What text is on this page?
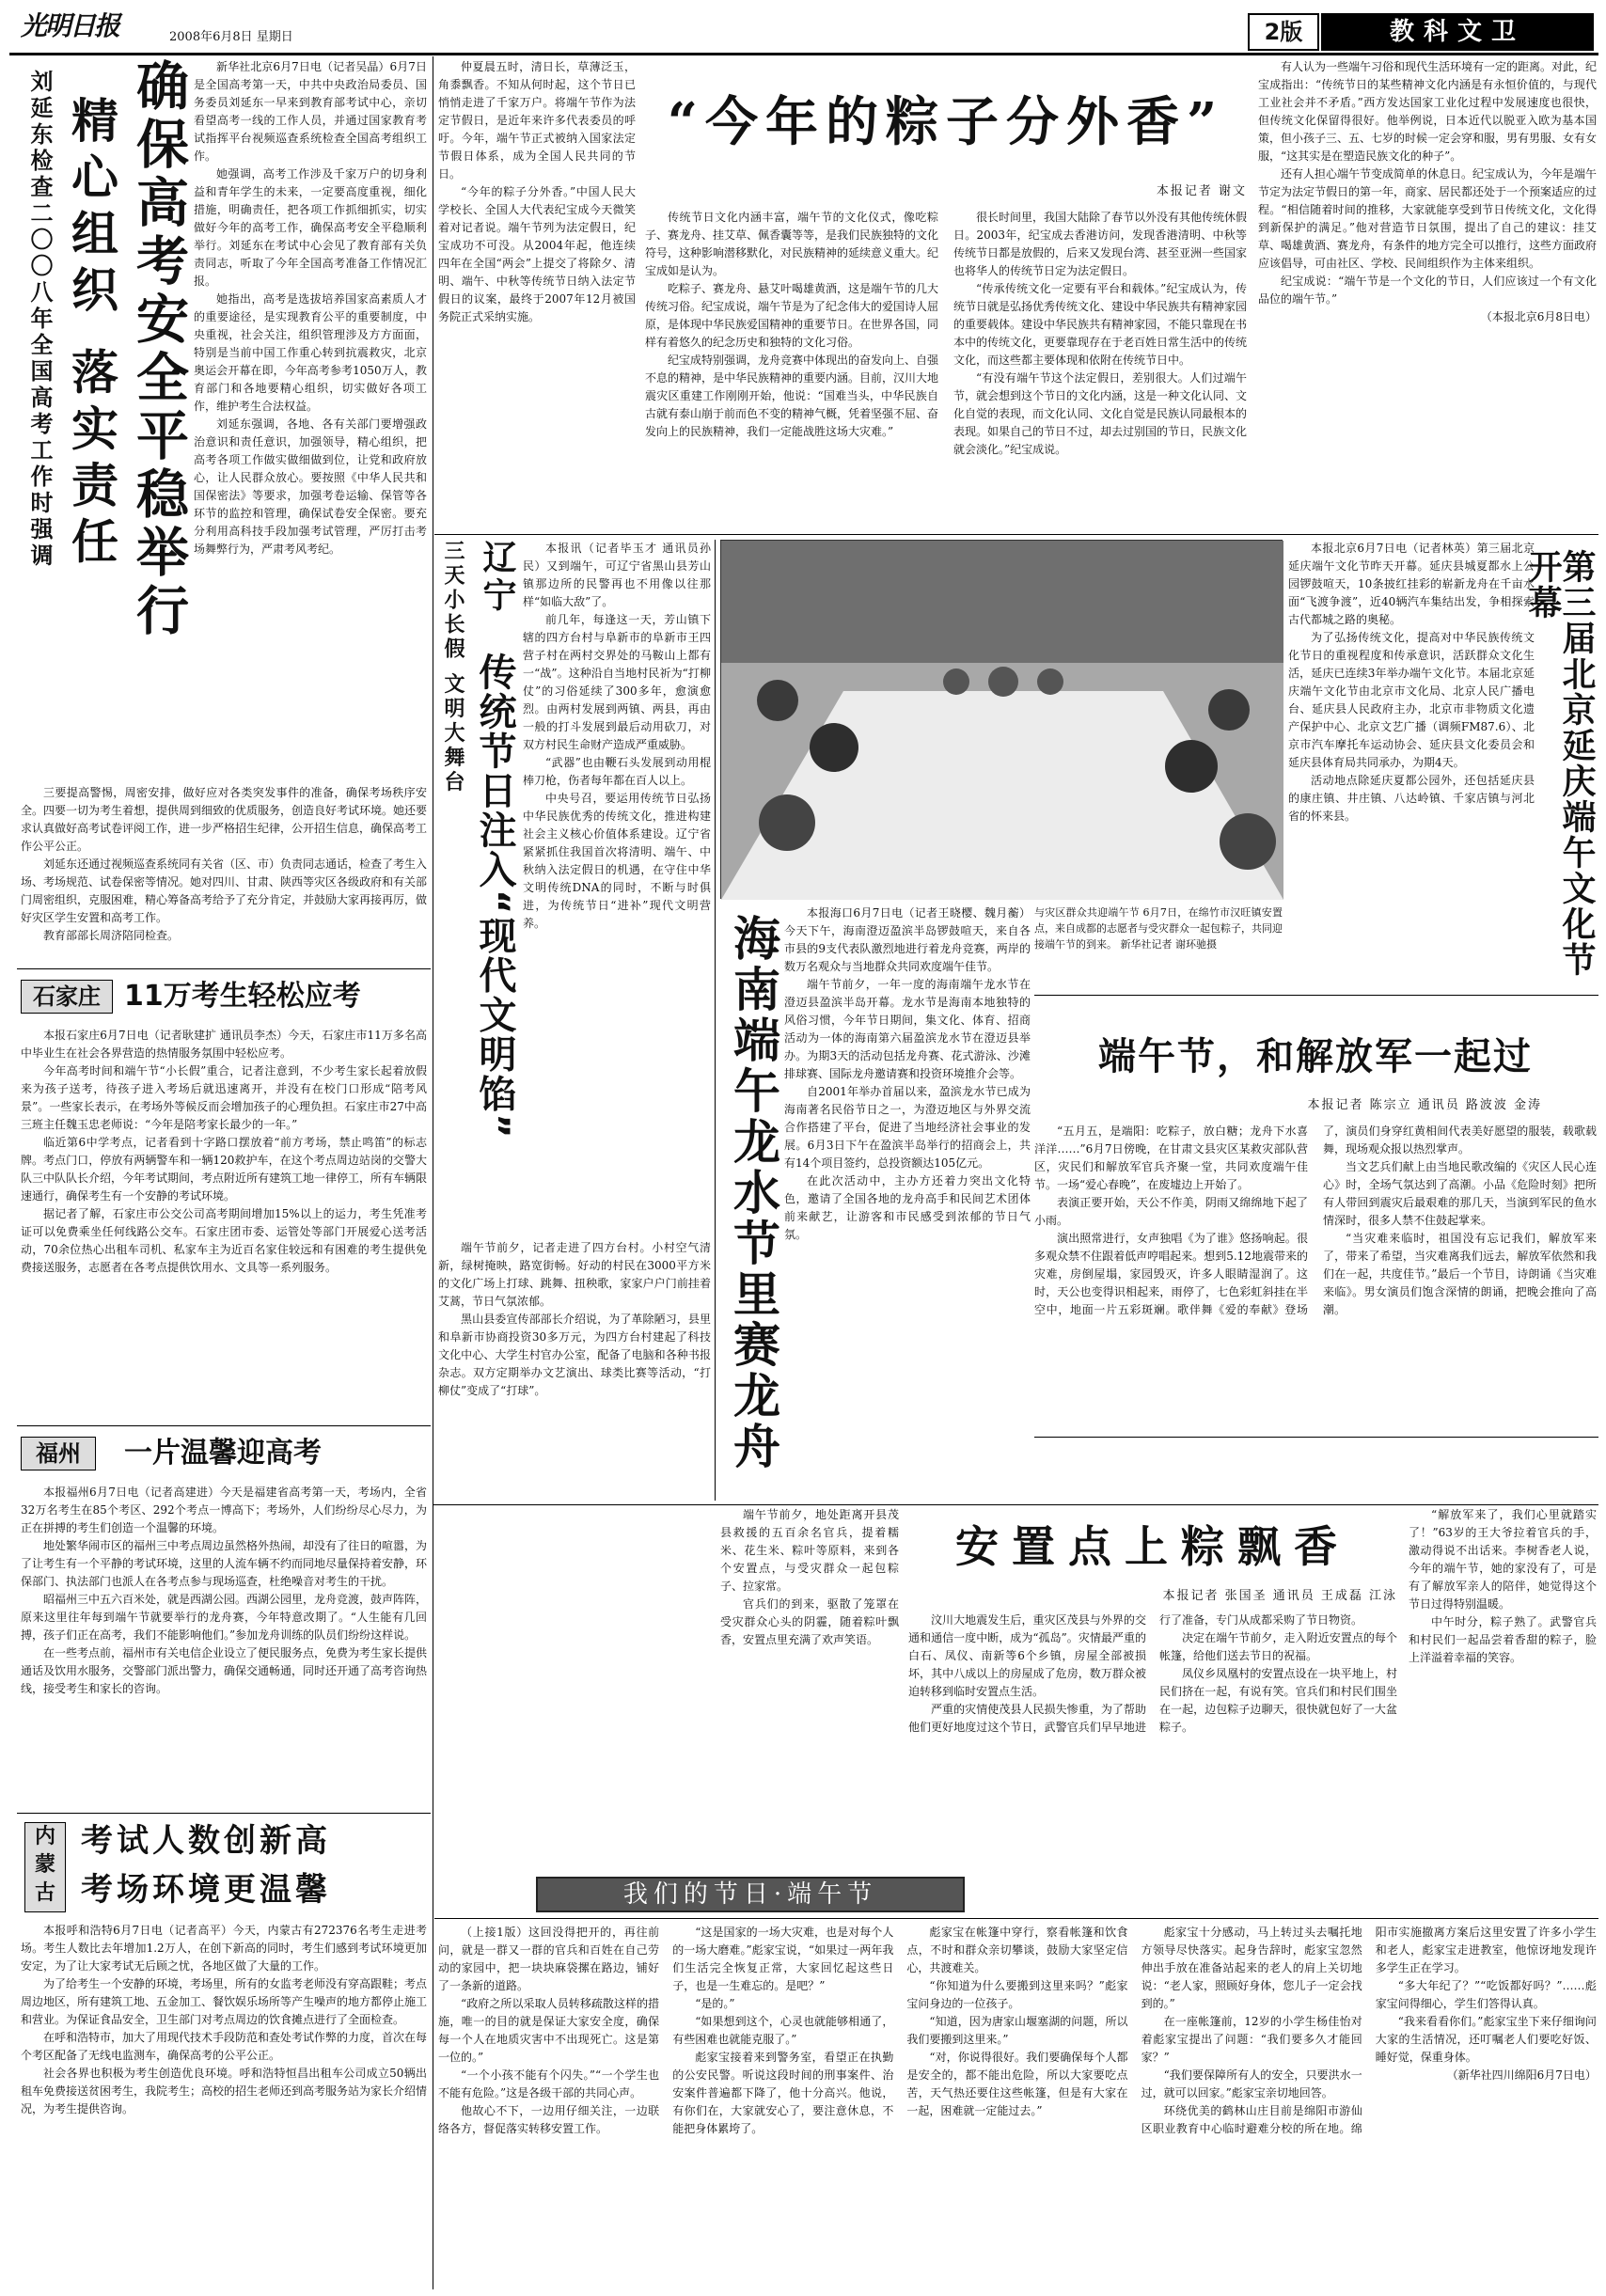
光明日报	2008年6月8日 星期日	2版	教科文卫
刘延东检查二〇〇八年全国高考工作时强调 精心组织 落实责任 确保高考安全平稳举行	新华社北京6月7日电（记者吴晶）6月7日是全国高考第一天，中共中央政治局委员、国务委员刘延东一早来到教育部考试中心，亲切看望高考一线的工作人员，并通过国家教育考试指挥平台视频巡查系统检查全国高考组织工作。

她强调，高考工作涉及千家万户的切身利益和青年学生的未来，一定要高度重视，细化措施，明确责任，把各项工作抓细抓实，切实做好今年的高考工作，确保高考安全平稳顺利举行。刘延东在考试中心会见了教育部有关负责同志，听取了今年全国高考准备工作情况汇报。

她指出，高考是选拔培养国家高素质人才的重要途径，是实现教育公平的重要制度，中央重视，社会关注，组织管理涉及方方面面，特别是当前中国工作重心转到抗震救灾，北京奥运会开幕在即，今年高考参考1050万人，教育部门和各地要精心组织，切实做好各项工作，维护考生合法权益。

刘延东强调，各地、各有关部门要增强政治意识和责任意识，加强领导，精心组织，把高考各项工作做实做细做到位，让党和政府放心，让人民群众放心。要按照《中华人民共和国保密法》等要求，加强考卷运输、保管等各环节的监控和管理，确保试卷安全保密。要充分利用高科技手段加强考试管理，严厉打击考场舞弊行为，严肃考风考纪。

三要提高警惕，周密安排，做好应对各类突发事件的准备，确保考场秩序安全。四要一切为考生着想，提供周到细致的优质服务，创造良好考试环境。她还要求认真做好高考试卷评阅工作，进一步严格招生纪律，公开招生信息，确保高考工作公平公正。

刘延东还通过视频巡查系统同有关省（区、市）负责同志通话，检查了考生入场、考场规范、试卷保密等情况。她对四川、甘肃、陕西等灾区各级政府和有关部门周密组织，克服困难，精心筹备高考给予了充分肯定，并鼓励大家再接再厉，做好灾区学生安置和高考工作。

教育部部长周济陪同检查。

石家庄 11万考生轻松应考

本报石家庄6月7日电（记者耿建扩 通讯员李杰）今天，石家庄市11万多名高中毕业生在社会各界营造的热情服务氛围中轻松应考。

今年高考时间和端午节“小长假”重合，记者注意到，不少考生家长起着放假来为孩子送考，待孩子进入考场后就迅速离开，并没有在校门口形成“陪考风景”。一些家长表示，在考场外等候反而会增加孩子的心理负担。石家庄市27中高三班主任魏玉忠老师说：“今年是陪考家长最少的一年。”

临近第6中学考点，记者看到十字路口摆放着“前方考场，禁止鸣笛”的标志牌。考点门口，停放有两辆警车和一辆120救护车，在这个考点周边站岗的交警大队三中队队长介绍，今年考试期间，考点附近所有建筑工地一律停工，所有车辆限速通行，确保考生有一个安静的考试环境。

据记者了解，石家庄市公交公司高考期间增加15%以上的运力，考生凭准考证可以免费乘坐任何线路公交车。石家庄团市委、运管处等部门开展爱心送考活动，70余位热心出租车司机、私家车主为近百名家住较远和有困难的考生提供免费接送服务，志愿者在各考点提供饮用水、文具等一系列服务。

福州	一片温馨迎高考

本报福州6月7日电（记者高建进）今天是福建省高考第一天，考场内，全省32万名考生在85个考区、292个考点一博高下；考场外，人们纷纷尽心尽力，为正在拼搏的考生们创造一个温馨的环境。

地处繁华闹市区的福州三中考点周边虽然格外热闹，却没有了往日的喧嚣，为了让考生有一个平静的考试环境，这里的人流车辆不约而同地尽量保持着安静，环保部门、执法部门也派人在各考点参与现场巡查，杜绝噪音对考生的干扰。

昭福州三中五六百米处，就是西湖公园。西湖公园里，龙舟竞渡，鼓声阵阵，原来这里往年每到端午节就要举行的龙舟赛，今年特意改期了。“人生能有几回搏，孩子们正在高考，我们不能影响他们。”参加龙舟训练的队员们纷纷这样说。

在一些考点前，福州市有关电信企业设立了便民服务点，免费为考生家长提供通话及饮用水服务，交警部门派出警力，确保交通畅通，同时还开通了高考咨询热线，接受考生和家长的咨询。

内
蒙
古
考试人数创新高
考场环境更温馨

本报呼和浩特6月7日电（记者高平）今天，内蒙古有272376名考生走进考场。考生人数比去年增加1.2万人，在创下新高的同时，考生们感到考试环境更加安定，为了让大家考试无后顾之忧，各地区做了大量的工作。

为了给考生一个安静的环境，考场里，所有的女监考老师没有穿高跟鞋；考点周边地区，所有建筑工地、五金加工、餐饮娱乐场所等产生噪声的地方都停止施工和营业。为保证食品安全，卫生部门对考点周边的饮食摊点进行了全面检查。

在呼和浩特市，加大了用现代技术手段防范和查处考试作弊的力度，首次在每个考区配备了无线电监测车，确保高考的公平公正。

社会各界也积极为考生创造优良环境。呼和浩特恒昌出租车公司成立50辆出租车免费接送贫困考生，我院考生；高校的招生老师还到高考服务站为家长介绍情况，为考生提供咨询。

仲夏晨五时，清日长，草薄泛玉，角黍飘香。不知从何时起，这个节日已悄悄走进了千家万户。将端午节作为法定节假日，是近年来许多代表委员的呼吁。今年，端午节正式被纳入国家法定节假日体系，成为全国人民共同的节日。

“今年的粽子分外香。”中国人民大学校长、全国人大代表纪宝成今天微笑着对记者说。端午节列为法定假日，纪宝成功不可没。从2004年起，他连续四年在全国“两会”上提交了将除夕、清明、端午、中秋等传统节日纳入法定节假日的议案，最终于2007年12月被国务院正式采纳实施。

“今年的粽子分外香”
本报记者 谢文

传统节日文化内涵丰富，端午节的文化仪式，像吃粽子、赛龙舟、挂艾草、佩香囊等等，是我们民族独特的文化符号，这种影响潜移默化，对民族精神的延续意义重大。纪宝成如是认为。

吃粽子、赛龙舟、悬艾叶喝雄黄酒，这是端午节的几大传统习俗。纪宝成说，端午节是为了纪念伟大的爱国诗人屈原，是体现中华民族爱国精神的重要节日。在世界各国，同样有着悠久的纪念历史和独特的文化习俗。

纪宝成特别强调，龙舟竞赛中体现出的奋发向上、自强不息的精神，是中华民族精神的重要内涵。目前，汉川大地震灾区重建工作刚刚开始，他说：“国难当头，中华民族自古就有泰山崩于前而色不变的精神气概，凭着坚强不屈、奋发向上的民族精神，我们一定能战胜这场大灾难。”

很长时间里，我国大陆除了春节以外没有其他传统休假日。2003年，纪宝成去香港访问，发现香港清明、中秋等传统节日都是放假的，后来又发现台湾、甚至亚洲一些国家也将华人的传统节日定为法定假日。

“传承传统文化一定要有平台和载体。”纪宝成认为，传统节日就是弘扬优秀传统文化、建设中华民族共有精神家园的重要载体。建设中华民族共有精神家园，不能只靠现在书本中的传统文化，更要靠现存在于老百姓日常生活中的传统文化，而这些都主要体现和依附在传统节日中。

“有没有端午节这个法定假日，差别很大。人们过端午节，就会想到这个节日的文化内涵，这是一种文化认同、文化自觉的表现，而文化认同、文化自觉是民族认同最根本的表现。如果自己的节日不过，却去过别国的节日，民族文化就会淡化。”纪宝成说。

有人认为一些端午习俗和现代生活环境有一定的距离。对此，纪宝成指出：“传统节日的某些精神文化内涵是有永恒价值的，与现代工业社会并不矛盾。”西方发达国家工业化过程中发展速度也很快，但传统文化保留得很好。他举例说，日本近代以脱亚入欧为基本国策，但小孩子三、五、七岁的时候一定会穿和服，男有男服、女有女服，“这其实是在塑造民族文化的种子”。

还有人担心端午节变成简单的休息日。纪宝成认为，今年是端午节定为法定节假日的第一年，商家、居民都还处于一个预案适应的过程。“相信随着时间的推移，大家就能享受到节日传统文化，文化得到新保护的满足。”他对营造节日氛围，提出了自己的建议：挂艾草、喝雄黄酒、赛龙舟，有条件的地方完全可以推行，这些方面政府应该倡导，可由社区、学校、民间组织作为主体来组织。

纪宝成说：“端午节是一个文化的节日，人们应该过一个有文化品位的端午节。”

（本报北京6月8日电）

三天小长假 文明大舞台 辽宁
传统节日注入“现代文明馅”

本报讯（记者毕玉才 通讯员孙民）又到端午，可辽宁省黑山县芳山镇那边所的民警再也不用像以往那样“如临大敌”了。

前几年，每逢这一天，芳山镇下辖的四方台村与阜新市的阜新市王四营子村在两村交界处的马鞍山上都有一“战”。这种沿自当地村民祈为“打柳仗”的习俗延续了300多年，愈演愈烈。由两村发展到两镇、两县，再由一般的打斗发展到最后动用砍刀，对双方村民生命财产造成严重威胁。

“武器”也由鞭石头发展到动用棍棒刀枪，伤者每年都在百人以上。

中央号召，要运用传统节日弘扬中华民族优秀的传统文化，推进构建社会主义核心价值体系建设。辽宁省紧紧抓住我国首次将清明、端午、中秋纳入法定假日的机遇，在守住中华文明传统DNA的同时，不断与时俱进，为传统节日“进补”现代文明营养。

端午节前夕，记者走进了四方台村。小村空气清新，绿树掩映，路宽街畅。好动的村民在3000平方米的文化广场上打球、跳舞、扭秧歌，家家户户门前挂着艾蒿，节日气氛浓郁。

黑山县委宣传部部长介绍说，为了革除陋习，县里和阜新市协商投资30多万元，为四方台村建起了科技文化中心、大学生村官办公室，配备了电脑和各种书报杂志。双方定期举办文艺演出、球类比赛等活动，“打柳仗”变成了“打球”。

与灾区群众共迎端午节 6月7日，在绵竹市汉旺镇安置点，来自成都的志愿者与受灾群众一起包粽子，共同迎接端午节的到来。 新华社记者 谢环驰摄

海南端午龙水节里赛龙舟

本报海口6月7日电（记者王晓樱、魏月蘅）今天下午，海南澄迈盈滨半岛锣鼓喧天，来自各市县的9支代表队激烈地进行着龙舟竞赛，两岸的数万名观众与当地群众共同欢度端午佳节。

端午节前夕，一年一度的海南端午龙水节在澄迈县盈滨半岛开幕。龙水节是海南本地独特的风俗习惯，今年节日期间，集文化、体育、招商活动为一体的海南第六届盈滨龙水节在澄迈县举办。为期3天的活动包括龙舟赛、花式游泳、沙滩排球赛、国际龙舟邀请赛和投资环境推介会等。

自2001年举办首届以来，盈滨龙水节已成为海南著名民俗节日之一，为澄迈地区与外界交流合作搭建了平台，促进了当地经济社会事业的发展。6月3日下午在盈滨半岛举行的招商会上，共有14个项目签约，总投资额达105亿元。

在此次活动中，主办方还着力突出文化特色，邀请了全国各地的龙舟高手和民间艺术团体前来献艺，让游客和市民感受到浓郁的节日气氛。

本报北京6月7日电（记者林英）第三届北京延庆端午文化节昨天开幕。延庆县城夏都水上公园锣鼓喧天，10条披红挂彩的崭新龙舟在千亩水面“飞渡争渡”，近40辆汽车集结出发，争相探索古代都城之路的奥秘。

为了弘扬传统文化，提高对中华民族传统文化节日的重视程度和传承意识，活跃群众文化生活，延庆已连续3年举办端午文化节。本届北京延庆端午文化节由北京市文化局、北京人民广播电台、延庆县人民政府主办，北京市非物质文化遗产保护中心、北京文艺广播（调频FM87.6）、北京市汽车摩托车运动协会、延庆县文化委员会和延庆县体育局共同承办，为期4天。

活动地点除延庆夏都公园外，还包括延庆县的康庄镇、井庄镇、八达岭镇、千家店镇与河北省的怀来县。	第三届北京延庆端午文化节开幕
端午节，和解放军一起过
本报记者 陈宗立 通讯员 路波波 金涛

“五月五，是端阳：吃粽子，放白糖；龙舟下水喜洋洋……”6月7日傍晚，在甘肃文县灾区某救灾部队营区，灾民们和解放军官兵齐聚一堂，共同欢度端午佳节。一场“爱心春晚”，在废墟边上开始了。

表演正要开始，天公不作美，阴雨又绵绵地下起了小雨。

演出照常进行，女声独唱《为了谁》悠扬响起。很多观众禁不住跟着低声哼唱起来。想到5.12地震带来的灾难，房倒屋塌，家园毁灭，许多人眼睛湿润了。这时，天公也变得识相起来，雨停了，七色彩虹斜挂在半空中，地面一片五彩斑斓。歌伴舞《爱的奉献》登场了，演员们身穿红黄相间代表美好愿望的服装，载歌载舞，现场观众报以热烈掌声。

当文艺兵们献上由当地民歌改编的《灾区人民心连心》时，全场气氛达到了高潮。小品《危险时刻》把所有人带回到震灾后最艰难的那几天，当演到军民的鱼水情深时，很多人禁不住鼓起掌来。

“当灾难来临时，祖国没有忘记我们，解放军来了，带来了希望，当灾难离我们远去，解放军依然和我们在一起，共度佳节。”最后一个节目，诗朗诵《当灾难来临》。男女演员们饱含深情的朗诵，把晚会推向了高潮。

端午节前夕，地处距离开县茂县救援的五百余名官兵，提着糯米、花生米、粽叶等原料，来到各个安置点，与受灾群众一起包粽子、拉家常。

官兵们的到来，驱散了笼罩在受灾群众心头的阴霾，随着粽叶飘香，安置点里充满了欢声笑语。

安置点上粽飘香
本报记者 张国圣 通讯员 王成磊 江泳

汶川大地震发生后，重灾区茂县与外界的交通和通信一度中断，成为“孤岛”。灾情最严重的白石、凤仪、南新等6个乡镇，房屋全部被损坏，其中八成以上的房屋成了危房，数万群众被迫转移到临时安置点生活。

严重的灾情使茂县人民损失惨重，为了帮助他们更好地度过这个节日，武警官兵们早早地进行了准备，专门从成都采购了节日物资。

决定在端午节前夕，走入附近安置点的每个帐篷，给他们送去节日的祝福。

凤仪乡凤凰村的安置点设在一块平地上，村民们挤在一起，有说有笑。官兵们和村民们围坐在一起，边包粽子边聊天，很快就包好了一大盆粽子。

“解放军来了，我们心里就踏实了！”63岁的王大爷拉着官兵的手，激动得说不出话来。李树香老人说，今年的端午节，她的家没有了，可是有了解放军亲人的陪伴，她觉得这个节日过得特别温暖。

中午时分，粽子熟了。武警官兵和村民们一起品尝着香甜的粽子，脸上洋溢着幸福的笑容。

我们的节日·端午节

（上接1版）这回没得把开的，再往前问，就是一群又一群的官兵和百姓在自己劳动的家园中，把一块块麻袋摞在路边，铺好了一条新的道路。

“政府之所以采取人员转移疏散这样的措施，唯一的目的就是保证大家安全度，确保每一个人在地质灾害中不出现死亡。这是第一位的。”

“一个小孩不能有个闪失。”“一个学生也不能有危险。”这是各级干部的共同心声。

他故心不下，一边用仔细关注，一边联络各方，督促落实转移安置工作。

“这是国家的一场大灾难，也是对每个人的一场大磨难。”彪家宝说，“如果过一两年我们生活完全恢复正常，大家回忆起这些日子，也是一生难忘的。是吧？”

“是的。”

“如果想到这个，心灵也就能够相通了，有些困难也就能克服了。”

彪家宝接着来到警务室，看望正在执勤的公安民警。听说这段时间的刑事案件、治安案件普遍都下降了，他十分高兴。他说，有你们在，大家就安心了，要注意休息，不能把身体累垮了。

彪家宝在帐篷中穿行，察看帐篷和饮食点，不时和群众亲切攀谈，鼓励大家坚定信心，共渡难关。

“你知道为什么要搬到这里来吗？”彪家宝问身边的一位孩子。

“知道，因为唐家山堰塞湖的问题，所以我们要搬到这里来。”

“对，你说得很好。我们要确保每个人都是安全的，都不能出危险，所以大家要吃点苦，天气热还要住这些帐篷，但是有大家在一起，困难就一定能过去。”

彪家宝十分感动，马上转过头去嘱托地方领导尽快落实。起身告辞时，彪家宝忽然伸出手放在准备站起来的老人的肩上关切地说：“老人家，照顾好身体，您儿子一定会找到的。”

在一座帐篷前，12岁的小学生杨佳怡对着彪家宝提出了问题：“我们要多久才能回家？”

“我们要保障所有人的安全，只要洪水一过，就可以回家。”彪家宝亲切地回答。

环绕优美的鹤林山庄目前是绵阳市游仙区职业教育中心临时避难分校的所在地。绵阳市实施撤离方案后这里安置了许多小学生和老人，彪家宝走进教室，他惊讶地发现许多学生正在学习。

“多大年纪了？”“吃饭都好吗？”……彪家宝问得细心，学生们答得认真。

“我来看看你们。”彪家宝坐下来仔细询问大家的生活情况，还叮嘱老人们要吃好饭、睡好觉，保重身体。

（新华社四川绵阳6月7日电）
